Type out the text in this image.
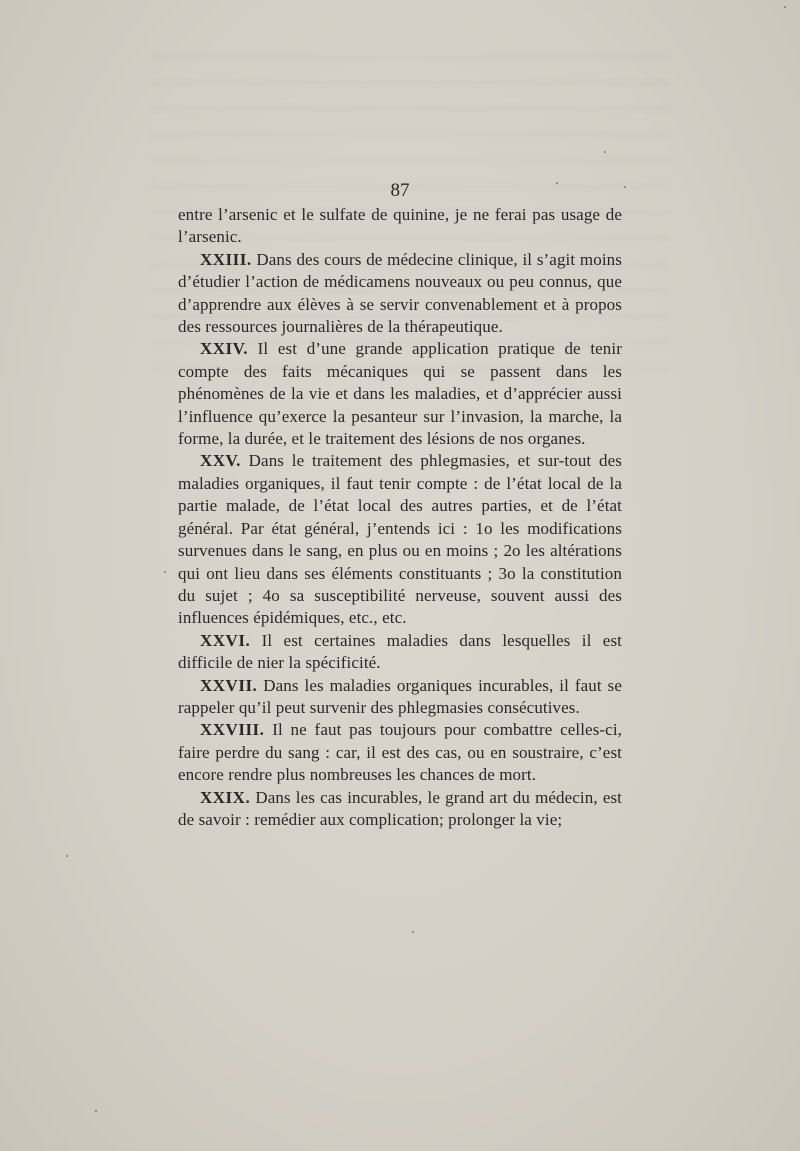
87

entre l’arsenic et le sulfate de quinine, je ne ferai pas usage de l’arsenic.

XXIII. Dans des cours de médecine clinique, il s’agit moins d’étudier l’action de médicamens nouveaux ou peu connus, que d’apprendre aux élèves à se servir convenablement et à propos des ressources journalières de la thérapeutique.

XXIV. Il est d’une grande application pratique de tenir compte des faits mécaniques qui se passent dans les phénomènes de la vie et dans les maladies, et d’apprécier aussi l’influence qu’exerce la pesanteur sur l’invasion, la marche, la forme, la durée, et le traitement des lésions de nos organes.

XXV. Dans le traitement des phlegmasies, et sur-tout des maladies organiques, il faut tenir compte : de l’état local de la partie malade, de l’état local des autres parties, et de l’état général. Par état général, j’entends ici : 1o les modifications survenues dans le sang, en plus ou en moins ; 2o les altérations qui ont lieu dans ses éléments constituants ; 3o la constitution du sujet ; 4o sa susceptibilité nerveuse, souvent aussi des influences épidémiques, etc., etc.

XXVI. Il est certaines maladies dans lesquelles il est difficile de nier la spécificité.

XXVII. Dans les maladies organiques incurables, il faut se rappeler qu’il peut survenir des phlegmasies consécutives.

XXVIII. Il ne faut pas toujours pour combattre celles-ci, faire perdre du sang : car, il est des cas, ou en soustraire, c’est encore rendre plus nombreuses les chances de mort.

XXIX. Dans les cas incurables, le grand art du médecin, est de savoir : remédier aux complication; prolonger la vie;
